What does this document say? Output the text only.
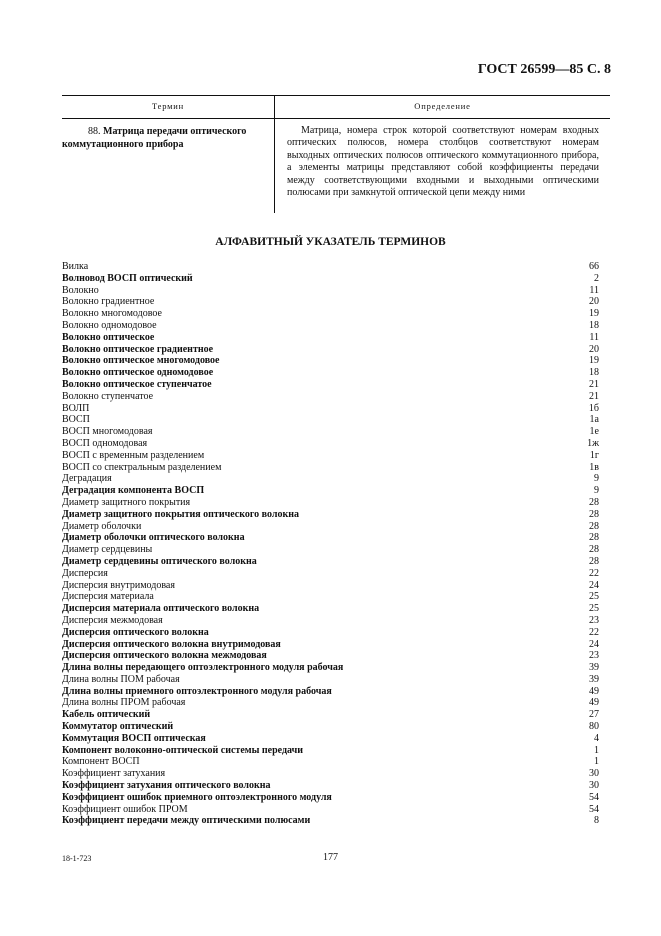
ГОСТ 26599—85 С. 8
Термин	Определение
88. Матрица передачи оптического коммутационного прибора

Матрица, номера строк которой соответствуют номерам входных оптических полюсов, номера столбцов соответствуют номерам выходных оптических полюсов оптического коммутационного прибора, а элементы матрицы представляют собой коэффициенты передачи между соответствующими входными и выходными оптическими полюсами при замкнутой оптической цепи между ними

АЛФАВИТНЫЙ УКАЗАТЕЛЬ ТЕРМИНОВ
Вилка	66
Волновод ВОСП оптический	2
Волокно	11
Волокно градиентное	20
Волокно многомодовое	19
Волокно одномодовое	18
Волокно оптическое	11
Волокно оптическое градиентное	20
Волокно оптическое многомодовое	19
Волокно оптическое одномодовое	18
Волокно оптическое ступенчатое	21
Волокно ступенчатое	21
ВОЛП	1б
ВОСП	1а
ВОСП многомодовая	1е
ВОСП одномодовая	1ж
ВОСП с временным разделением	1г
ВОСП со спектральным разделением	1в
Деградация	9
Деградация компонента ВОСП	9
Диаметр защитного покрытия	28
Диаметр защитного покрытия оптического волокна	28
Диаметр оболочки	28
Диаметр оболочки оптического волокна	28
Диаметр сердцевины	28
Диаметр сердцевины оптического волокна	28
Дисперсия	22
Дисперсия внутримодовая	24
Дисперсия материала	25
Дисперсия материала оптического волокна	25
Дисперсия межмодовая	23
Дисперсия оптического волокна	22
Дисперсия оптического волокна внутримодовая	24
Дисперсия оптического волокна межмодовая	23
Длина волны передающего оптоэлектронного модуля рабочая	39
Длина волны ПОМ рабочая	39
Длина волны приемного оптоэлектронного модуля рабочая	49
Длина волны ПРОМ рабочая	49
Кабель оптический	27
Коммутатор оптический	80
Коммутация ВОСП оптическая	4
Компонент волоконно-оптической системы передачи	1
Компонент ВОСП	1
Коэффициент затухания	30
Коэффициент затухания оптического волокна	30
Коэффициент ошибок приемного оптоэлектронного модуля	54
Коэффициент ошибок ПРОМ	54
Коэффициент передачи между оптическими полюсами	8
18-1-723	177
